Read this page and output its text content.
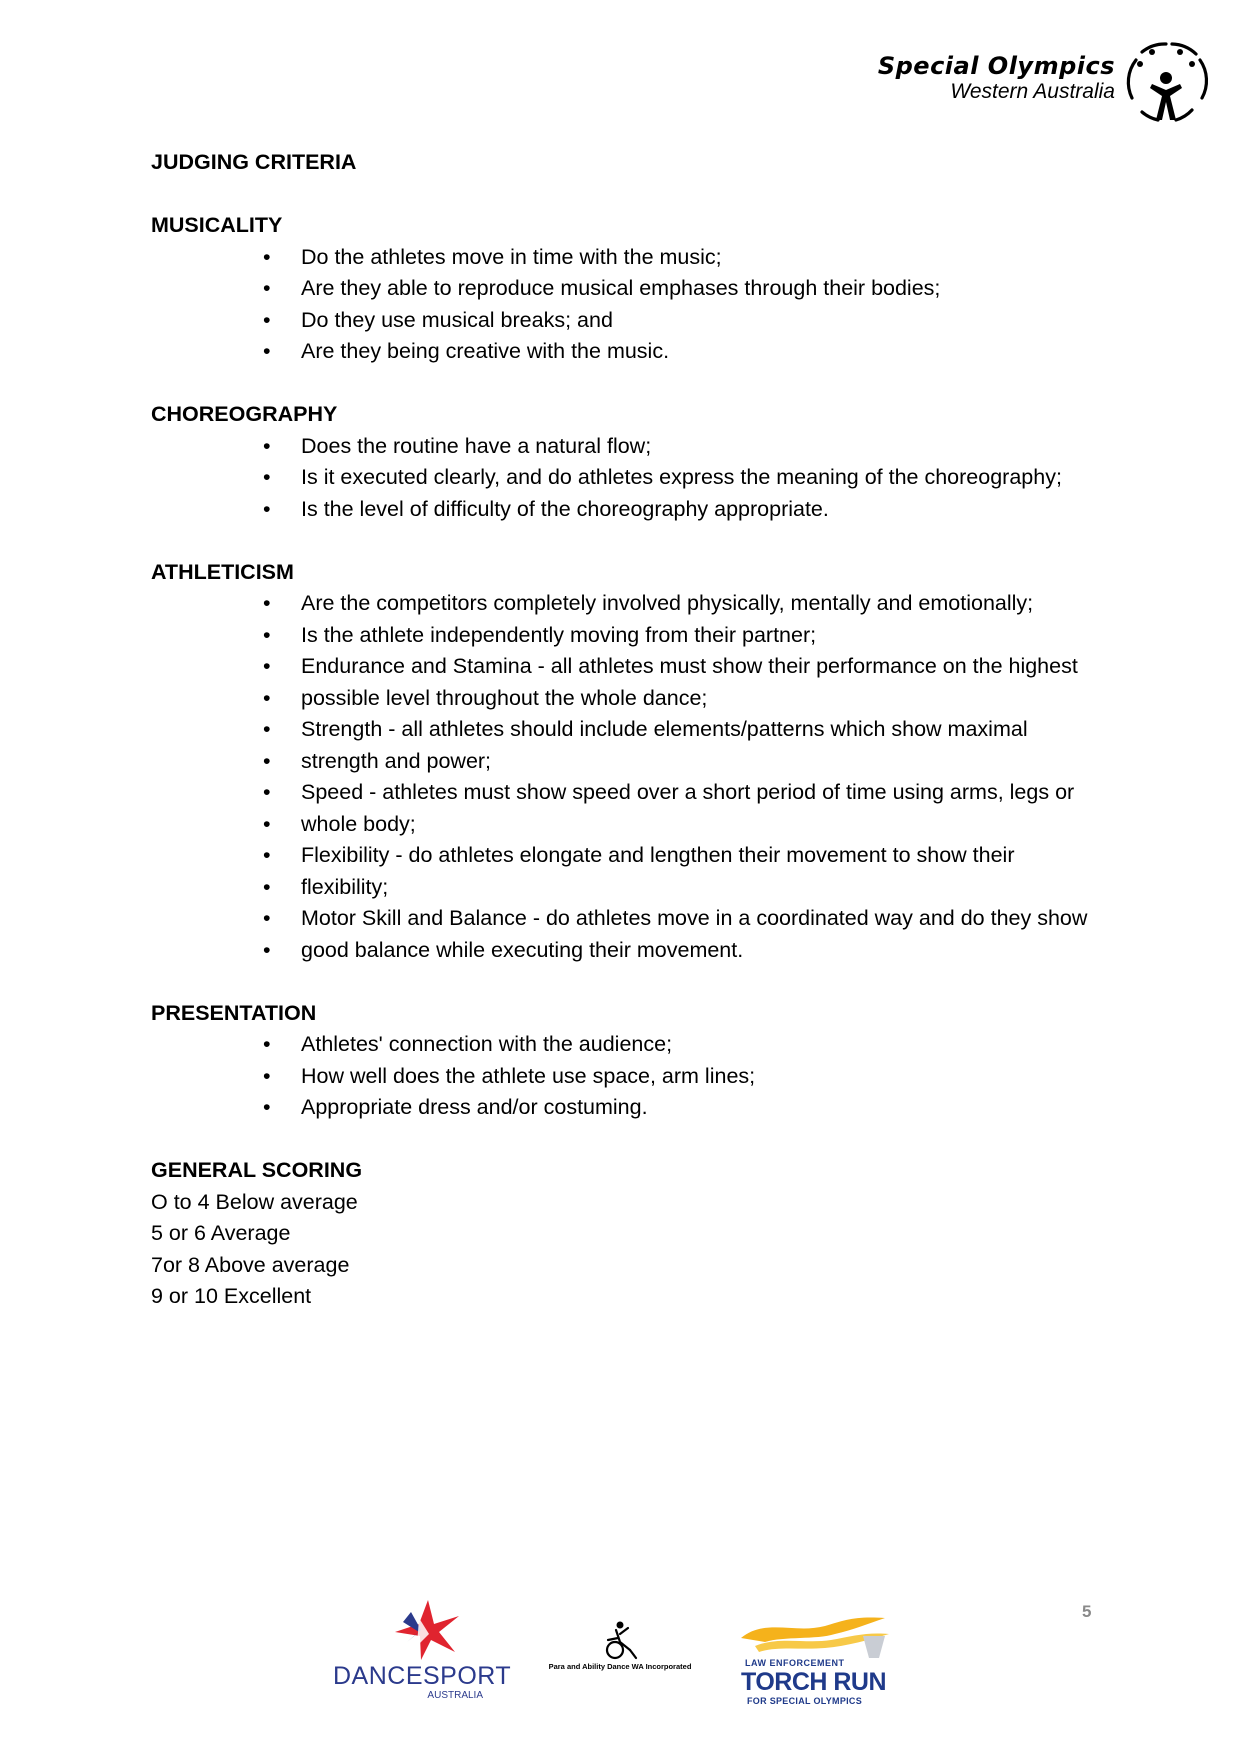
Special Olympics
Western Australia

JUDGING CRITERIA

MUSICALITY

• Do the athletes move in time with the music;
• Are they able to reproduce musical emphases through their bodies;
• Do they use musical breaks; and
• Are they being creative with the music.

CHOREOGRAPHY

• Does the routine have a natural flow;
• Is it executed clearly, and do athletes express the meaning of the choreography;
• Is the level of difficulty of the choreography appropriate.

ATHLETICISM

• Are the competitors completely involved physically, mentally and emotionally;
• Is the athlete independently moving from their partner;
• Endurance and Stamina - all athletes must show their performance on the highest
• possible level throughout the whole dance;
• Strength - all athletes should include elements/patterns which show maximal
• strength and power;
• Speed - athletes must show speed over a short period of time using arms, legs or
• whole body;
• Flexibility - do athletes elongate and lengthen their movement to show their
• flexibility;
• Motor Skill and Balance - do athletes move in a coordinated way and do they show
• good balance while executing their movement.

PRESENTATION

• Athletes' connection with the audience;
• How well does the athlete use space, arm lines;
• Appropriate dress and/or costuming.

GENERAL SCORING

O to 4 Below average

5 or 6 Average

7or 8 Above average

9 or 10 Excellent

5
DANCESPORT
AUSTRALIA
Para and Ability Dance WA Incorporated	LAW ENFORCEMENT
TORCH RUN
FOR SPECIAL OLYMPICS
